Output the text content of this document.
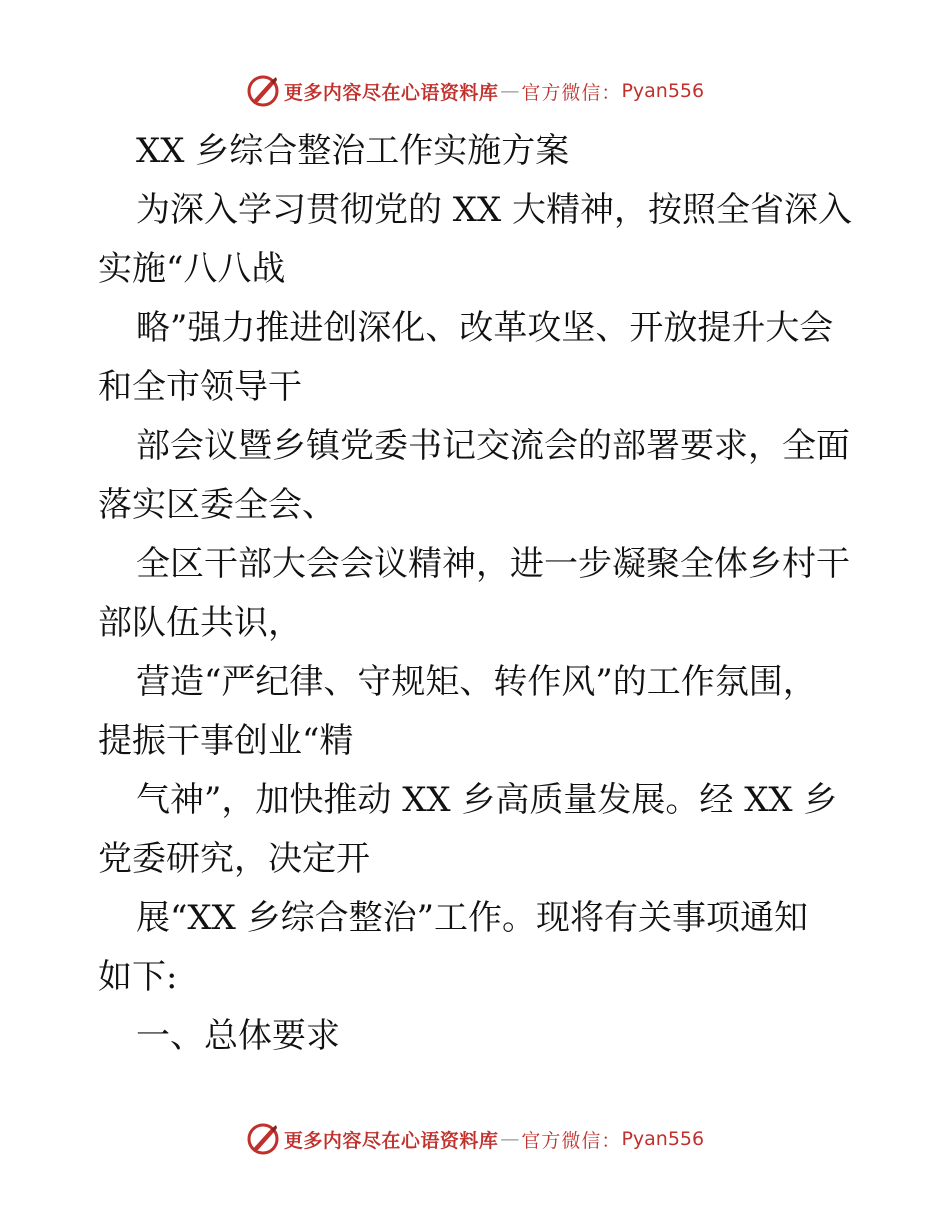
更多内容尽在心语资料库 — 官方微信： Pyan556
XX 乡综合整治工作实施方案
为深入学习贯彻党的 XX 大精神，按照全省深入
实施“八八战
略”强力推进创深化、改革攻坚、开放提升大会
和全市领导干
部会议暨乡镇党委书记交流会的部署要求，全面
落实区委全会、
全区干部大会会议精神，进一步凝聚全体乡村干
部队伍共识，
营造“严纪律、守规矩、转作风”的工作氛围，
提振干事创业“精
气神”，加快推动 XX 乡高质量发展。经 XX 乡
党委研究，决定开
展“XX 乡综合整治”工作。现将有关事项通知
如下:
一、总体要求
更多内容尽在心语资料库 — 官方微信： Pyan556
